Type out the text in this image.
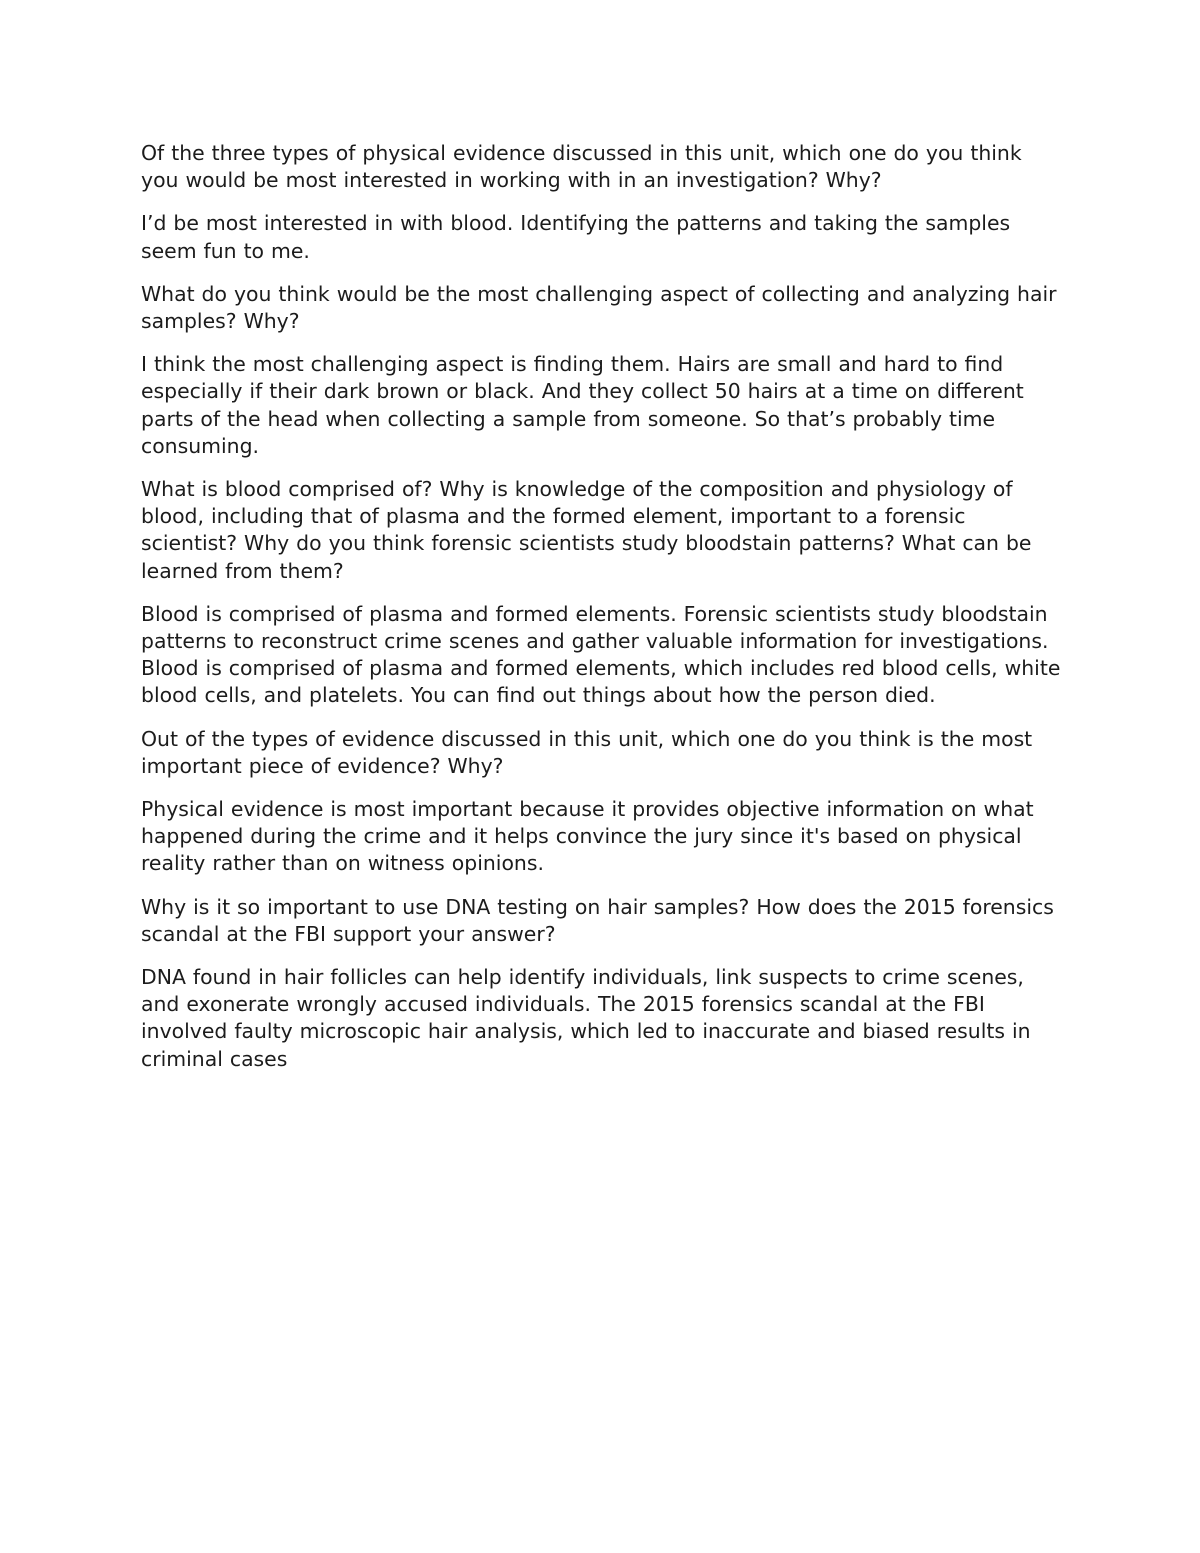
Of the three types of physical evidence discussed in this unit, which one do you think you would be most interested in working with in an investigation? Why?

I’d be most interested in with blood. Identifying the patterns and taking the samples seem fun to me.

What do you think would be the most challenging aspect of collecting and analyzing hair samples? Why?

I think the most challenging aspect is finding them. Hairs are small and hard to find especially if their dark brown or black. And they collect 50 hairs at a time on different parts of the head when collecting a sample from someone. So that’s probably time consuming.

What is blood comprised of? Why is knowledge of the composition and physiology of blood, including that of plasma and the formed element, important to a forensic scientist? Why do you think forensic scientists study bloodstain patterns? What can be learned from them?

Blood is comprised of plasma and formed elements. Forensic scientists study bloodstain patterns to reconstruct crime scenes and gather valuable information for investigations. Blood is comprised of plasma and formed elements, which includes red blood cells, white blood cells, and platelets. You can find out things about how the person died.

Out of the types of evidence discussed in this unit, which one do you think is the most important piece of evidence? Why?

Physical evidence is most important because it provides objective information on what happened during the crime and it helps convince the jury since it's based on physical reality rather than on witness opinions.

Why is it so important to use DNA testing on hair samples? How does the 2015 forensics scandal at the FBI support your answer?

DNA found in hair follicles can help identify individuals, link suspects to crime scenes, and exonerate wrongly accused individuals. The 2015 forensics scandal at the FBI involved faulty microscopic hair analysis, which led to inaccurate and biased results in criminal cases
